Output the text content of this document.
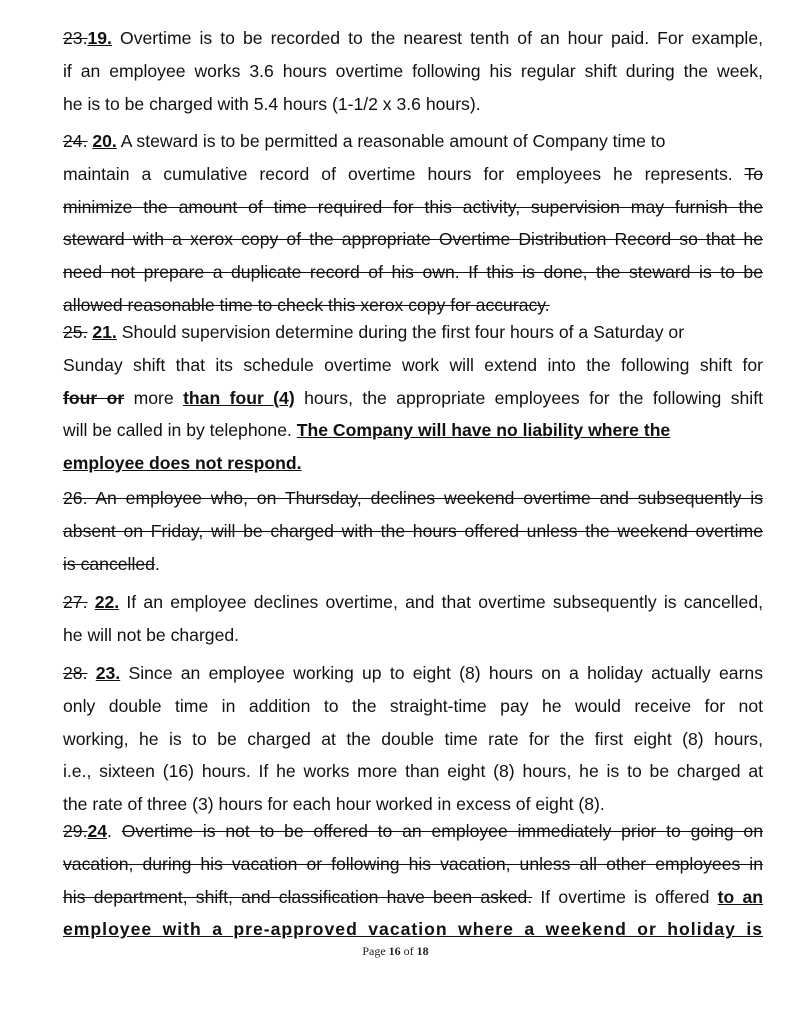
23.19. Overtime is to be recorded to the nearest tenth of an hour paid. For example,
if an employee works 3.6 hours overtime following his regular shift during the week,
he is to be charged with 5.4 hours (1-1/2 x 3.6 hours).
24. 20. A steward is to be permitted a reasonable amount of Company time to
maintain a cumulative record of overtime hours for employees he represents. To
minimize the amount of time required for this activity, supervision may furnish the
steward with a xerox copy of the appropriate Overtime Distribution Record so that he
need not prepare a duplicate record of his own. If this is done, the steward is to be
allowed reasonable time to check this xerox copy for accuracy.
25. 21. Should supervision determine during the first four hours of a Saturday or
Sunday shift that its schedule overtime work will extend into the following shift for
four or more than four (4) hours, the appropriate employees for the following shift
will be called in by telephone. The Company will have no liability where the
employee does not respond.
26. An employee who, on Thursday, declines weekend overtime and subsequently is
absent on Friday, will be charged with the hours offered unless the weekend overtime
is cancelled.
27. 22. If an employee declines overtime, and that overtime subsequently is cancelled,
he will not be charged.
28. 23. Since an employee working up to eight (8) hours on a holiday actually earns
only double time in addition to the straight-time pay he would receive for not
working, he is to be charged at the double time rate for the first eight (8) hours,
i.e., sixteen (16) hours. If he works more than eight (8) hours, he is to be charged at
the rate of three (3) hours for each hour worked in excess of eight (8).
29.24. Overtime is not to be offered to an employee immediately prior to going on
vacation, during his vacation or following his vacation, unless all other employees in
his department, shift, and classification have been asked. If overtime is offered to an
employee with a pre-approved vacation where a weekend or holiday is
Page 16 of 18
